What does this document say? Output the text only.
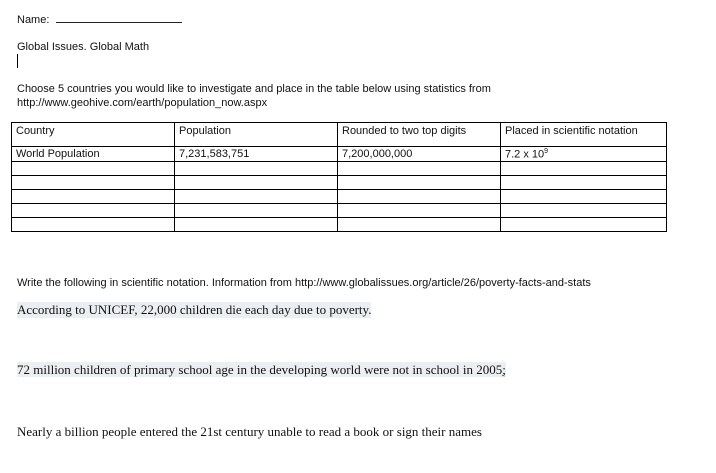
Name:
Global Issues. Global Math
Choose 5 countries you would like to investigate and place in the table below using statistics from
http://www.geohive.com/earth/population_now.aspx
Country	Population	Rounded to two top digits	Placed in scientific notation
World Population	7,231,583,751	7,200,000,000	7.2 x $10^9$

Write the following in scientific notation. Information from http://www.globalissues.org/article/26/poverty-facts-and-stats
According to UNICEF, 22,000 children die each day due to poverty.
72 million children of primary school age in the developing world were not in school in 2005;
Nearly a billion people entered the 21st century unable to read a book or sign their names
